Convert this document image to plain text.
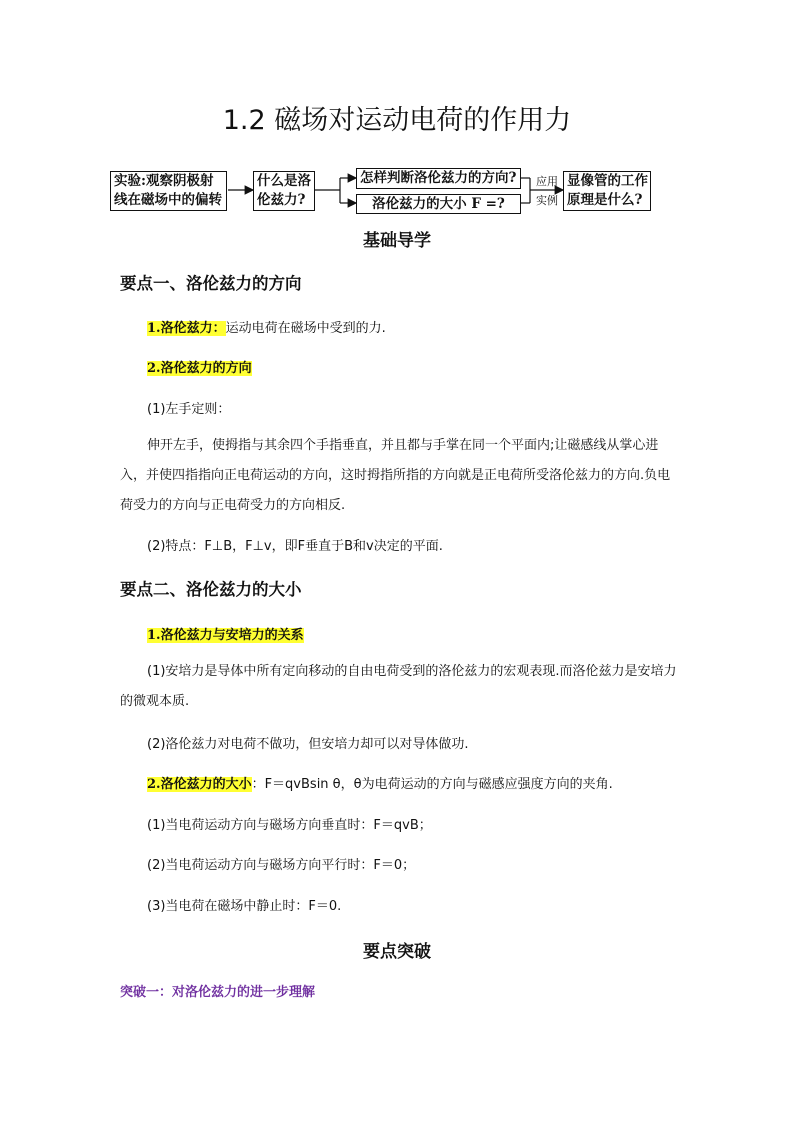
1.2 磁场对运动电荷的作用力
实验:观察阴极射
线在磁场中的偏转
什么是洛
伦兹力?
怎样判断洛伦兹力的方向?
洛伦兹力的大小 F =?
应用
实例
显像管的工作
原理是什么?
基础导学
要点一、洛伦兹力的方向
1.洛伦兹力：运动电荷在磁场中受到的力.
2.洛伦兹力的方向
(1)左手定则：
伸开左手，使拇指与其余四个手指垂直，并且都与手掌在同一个平面内;让磁感线从掌心进入，并使四指指向正电荷运动的方向，这时拇指所指的方向就是正电荷所受洛伦兹力的方向.负电荷受力的方向与正电荷受力的方向相反.
(2)特点：F⊥B，F⊥v，即F垂直于B和v决定的平面.
要点二、洛伦兹力的大小
1.洛伦兹力与安培力的关系
(1)安培力是导体中所有定向移动的自由电荷受到的洛伦兹力的宏观表现.而洛伦兹力是安培力的微观本质.
(2)洛伦兹力对电荷不做功，但安培力却可以对导体做功.
2.洛伦兹力的大小：F＝qvBsin θ，θ为电荷运动的方向与磁感应强度方向的夹角.
(1)当电荷运动方向与磁场方向垂直时：F＝qvB；
(2)当电荷运动方向与磁场方向平行时：F＝0；
(3)当电荷在磁场中静止时：F＝0.
要点突破
突破一：对洛伦兹力的进一步理解
